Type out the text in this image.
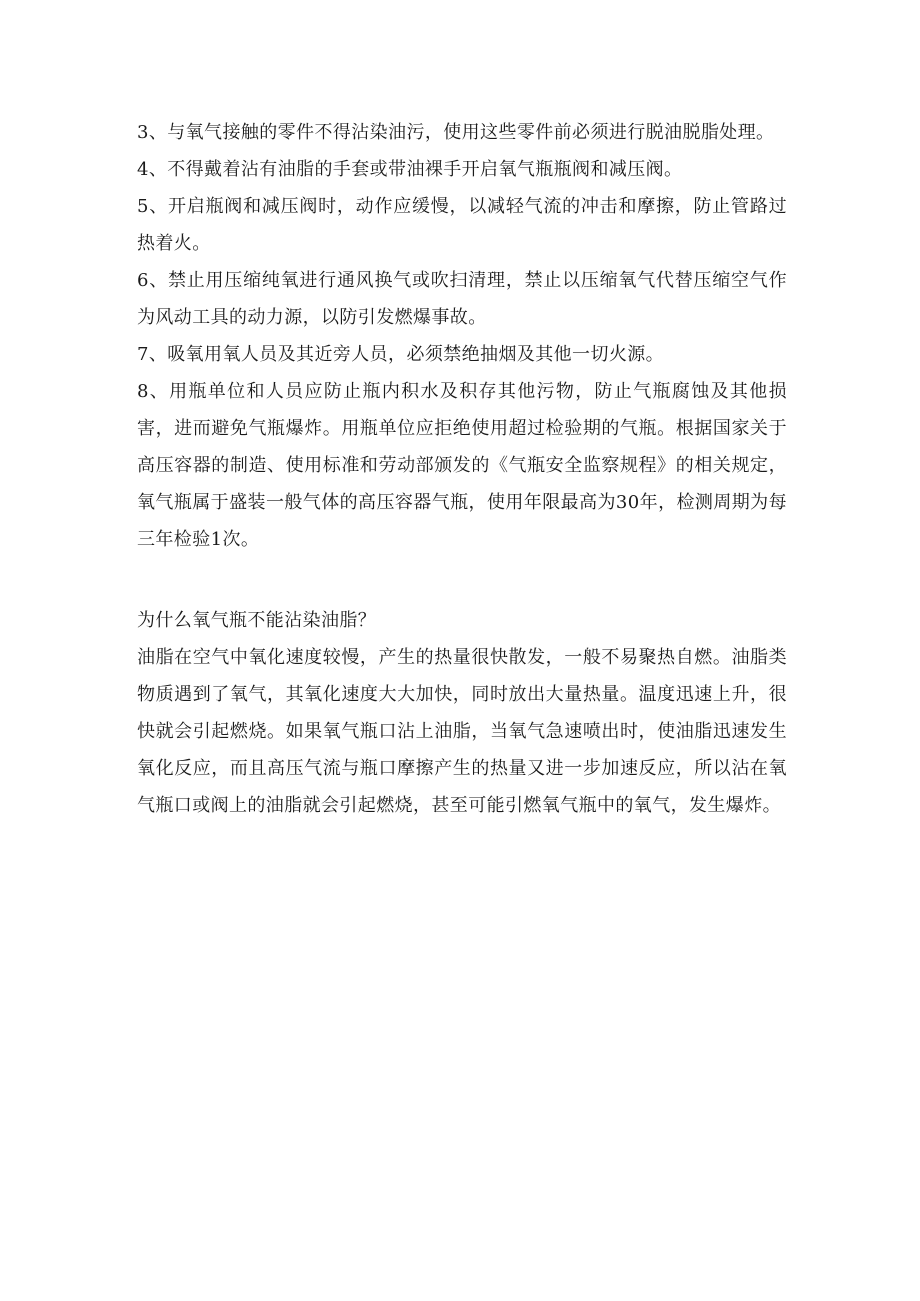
3、与氧气接触的零件不得沾染油污，使用这些零件前必须进行脱油脱脂处理。

4、不得戴着沾有油脂的手套或带油裸手开启氧气瓶瓶阀和减压阀。

5、开启瓶阀和减压阀时，动作应缓慢，以减轻气流的冲击和摩擦，防止管路过热着火。

6、禁止用压缩纯氧进行通风换气或吹扫清理，禁止以压缩氧气代替压缩空气作为风动工具的动力源，以防引发燃爆事故。

7、吸氧用氧人员及其近旁人员，必须禁绝抽烟及其他一切火源。

8、用瓶单位和人员应防止瓶内积水及积存其他污物，防止气瓶腐蚀及其他损害，进而避免气瓶爆炸。用瓶单位应拒绝使用超过检验期的气瓶。根据国家关于高压容器的制造、使用标准和劳动部颁发的《气瓶安全监察规程》的相关规定，氧气瓶属于盛装一般气体的高压容器气瓶，使用年限最高为30年，检测周期为每三年检验1次。

为什么氧气瓶不能沾染油脂？

油脂在空气中氧化速度较慢，产生的热量很快散发，一般不易聚热自燃。油脂类物质遇到了氧气，其氧化速度大大加快，同时放出大量热量。温度迅速上升，很快就会引起燃烧。如果氧气瓶口沾上油脂，当氧气急速喷出时，使油脂迅速发生氧化反应，而且高压气流与瓶口摩擦产生的热量又进一步加速反应，所以沾在氧气瓶口或阀上的油脂就会引起燃烧，甚至可能引燃氧气瓶中的氧气，发生爆炸。
